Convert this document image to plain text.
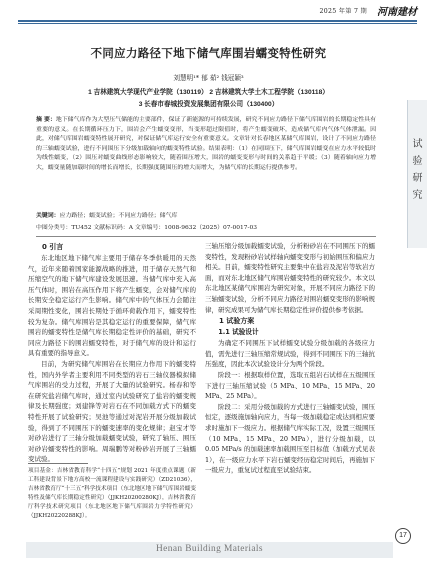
2025 年第 7 期 河南建材
试验研究
不同应力路径下地下储气库围岩蠕变特性研究
刘慧明¹* 郁 茹² 钱冠颖³
1 吉林建筑大学现代产业学院（130119） 2 吉林建筑大学土木工程学院（130118）
3 长春市春城投资发展集团有限公司（130400）
摘 要：地下储气库作为大型压气储能的主要部件，保证了新能源的可持续发展，研究不同应力路径下储气库围岩的长期稳定性具有重要的意义。在长期循环压力下，围岩会产生蠕变变形，当变形超过限值时，将产生蠕变破坏，造成储气库内气体气体泄漏。因此，对储气库围岩蠕变特性展开研究，对保证储气库运行安全有重要意义。文章针对长春地区某储气库围岩，设计了不同应力路径的三轴蠕变试验，进行不同围压下分级加载轴向的蠕变特性试验。结果表明：（1）在同围压下，储气库围岩蠕变在应力水平较低时为线性蠕变，（2）围压对蠕变曲线形态影响较大，随着围压增大，围岩的蠕变变形与时间的关系趋于平缓；（3）随着轴向应力增大，蠕变量随加载时间的增长而增长，长期强度随围压的增大而增大，为储气库的长期运行提供参考。
关键词：应力路径；蠕变试验；不同应力路径；储气库
中图分类号：TU452 文献标识码：A 文章编号：1008-9632（2025）07-0017-03

0 引言

东北地区地下储气库主要用于储存冬季供暖用的天然气，近年来随着国家能源战略的推进，用于储存天然气和压缩空气的地下储气库建设发展迅速。当储气库中充入高压气体时，围岩在高压作用下将产生蠕变，会对储气库的长期安全稳定运行产生影响。储气库中的气体压力会随注采周期性变化，围岩长期处于循环荷载作用下，蠕变特性较为复杂。储气库围岩是其稳定运行的重要保障，储气库围岩的蠕变特性是储气库长期稳定性评价的基础，研究不同应力路径下的围岩蠕变特性，对于储气库的设计和运行具有重要的指导意义。

目前，为研究储气库围岩在长期应力作用下的蠕变特性，国内外学者主要利用不同类型的岩石三轴仪器模拟储气库围岩的受力过程，开展了大量的试验研究。杨春和等在研究盐岩储气库时，通过室内试验研究了盐岩的蠕变规律及长期强度；刘建锋等对岩石在不同加载方式下的蠕变特性开展了试验研究；吴池等通过对泥岩开展分级加载试验，得到了不同围压下的蠕变速率的变化规律；赵宝才等对砂岩进行了三轴分级加载蠕变试验，研究了轴压、围压对砂岩蠕变特性的影响。周瑞鹏等对粉砂岩开展了三轴蠕变试验。

项目基金：吉林省教育科学“十四五”规划 2021 年度重点课题（新工科建设背景下地方高校一流课程建设与实践研究）（ZD21036），吉林省教育厅“十三五”科学技术项目（东北地区地下储气库围岩蠕变特性及储气库长期稳定性研究）（JJKH20200280KJ），吉林省教育厅科学技术研究项目（东北地区地下储气库围岩力学特性研究）（JJKH20220288KJ）。

三轴压缩分级加载蠕变试验，分析粉砂岩在不同围压下的蠕变特性，发现粉砂岩试样轴向蠕变变形与初始围压和偏应力相关。目前，蠕变特性研究主要集中在盐岩及泥岩等软岩方面，而对东北地区储气库围岩蠕变特性的研究较少。本文以东北地区某储气库围岩为研究对象，开展不同应力路径下的三轴蠕变试验，分析不同应力路径对围岩蠕变变形的影响规律，研究成果可为储气库长期稳定性评价提供参考依据。

1 试验方案

1.1 试验设计

为确定不同围压下试样蠕变试验分级加载的各级应力值，需先进行三轴压缩常规试验，得到不同围压下的三轴抗压强度，因此本次试验设计分为两个阶段。

阶段一：根据取样位置，选取五组岩石试样在五级围压下进行三轴压缩试验（5 MPa、10 MPa、15 MPa、20 MPa、25 MPa）。

阶段二：采用分级加载的方式进行三轴蠕变试验，围压恒定，逐级施加轴向应力，当每一级加载稳定或达到相应要求时施加下一级应力。根据储气库实际工况，设置三级围压（10 MPa、15 MPa、20 MPa），进行分级加载，以 0.05 MPa/s 的加载速率加载围压至目标值（加载方式见表 1），在一级应力水平下岩石蠕变经历稳定时间后，再施加下一级应力，重复试过程直至试验结束。

Henan Building Materials
17
